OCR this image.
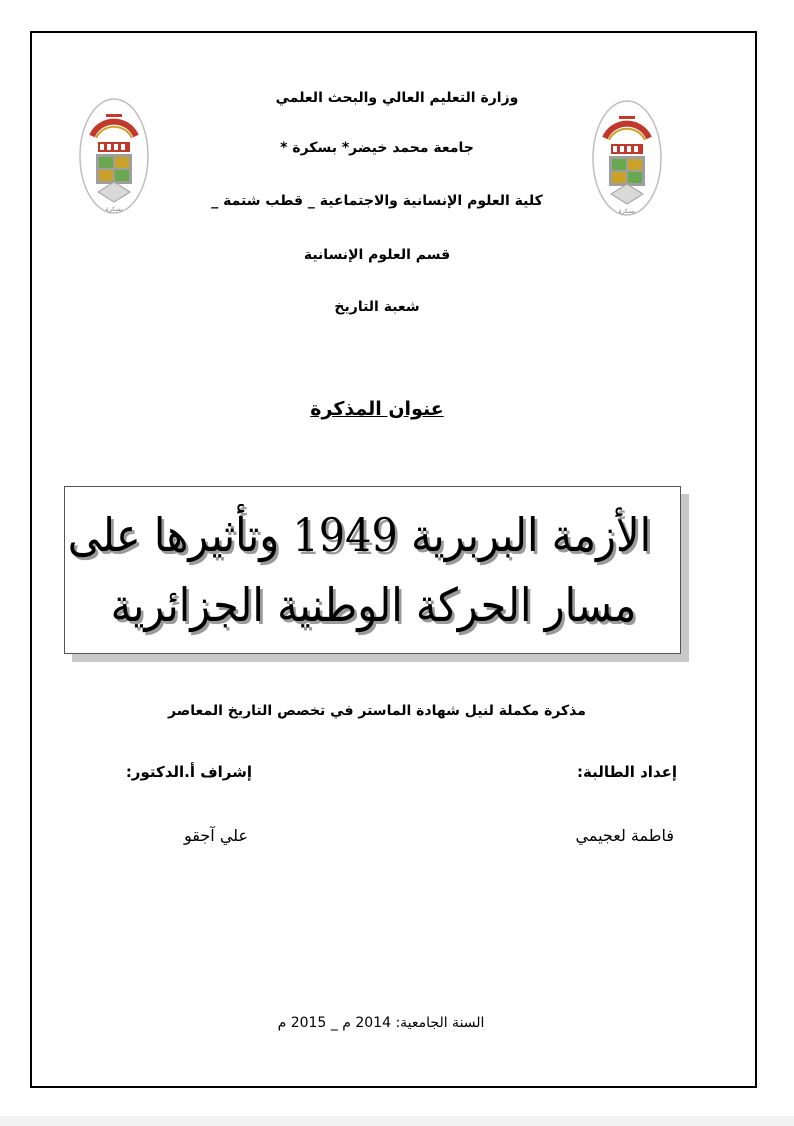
بسكرة	بسكرة
وزارة التعليم العالي والبحث العلمي
جامعة محمد خيضر* بسكرة *
كلية العلوم الإنسانية والاجتماعية _ قطب شتمة _
قسم العلوم الإنسانية
شعبة التاريخ
عنوان المذكرة
الأزمة البربرية 1949 وتأثيرها على
مسار الحركة الوطنية الجزائرية
مذكرة مكملة لنيل شهادة الماستر في تخصص التاريخ المعاصر
إعداد الطالبة:
إشراف أ.الدكتور:
فاطمة لعجيمي
علي آجقو
السنة الجامعية: 2014 م _ 2015 م
